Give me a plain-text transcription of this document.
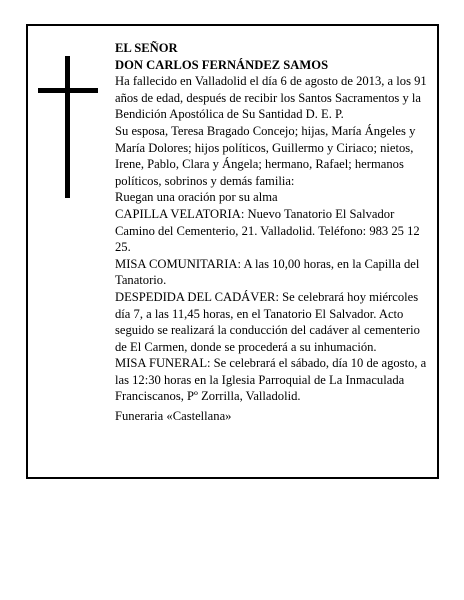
EL SEÑOR

DON CARLOS FERNÁNDEZ SAMOS

Ha fallecido en Valladolid el día 6 de agosto de 2013, a los 91 años de edad, después de recibir los Santos Sacramentos y la Bendición Apostólica de Su Santidad D. E. P.

Su esposa, Teresa Bragado Concejo; hijas, María Ángeles y María Dolores; hijos políticos, Guillermo y Ciriaco; nietos, Irene, Pablo, Clara y Ángela; hermano, Rafael; hermanos políticos, sobrinos y demás familia:

Ruegan una oración por su alma

CAPILLA VELATORIA: Nuevo Tanatorio El Salvador Camino del Cementerio, 21. Valladolid. Teléfono: 983 25 12 25.

MISA COMUNITARIA: A las 10,00 horas, en la Capilla del Tanatorio.

DESPEDIDA DEL CADÁVER: Se celebrará hoy miércoles día 7, a las 11,45 horas, en el Tanatorio El Salvador. Acto seguido se realizará la conducción del cadáver al cementerio de El Carmen, donde se procederá a su inhumación.

MISA FUNERAL: Se celebrará el sábado, día 10 de agosto, a las 12:30 horas en la Iglesia Parroquial de La Inmaculada Franciscanos, Pº Zorrilla, Valladolid.

Funeraria «Castellana»
